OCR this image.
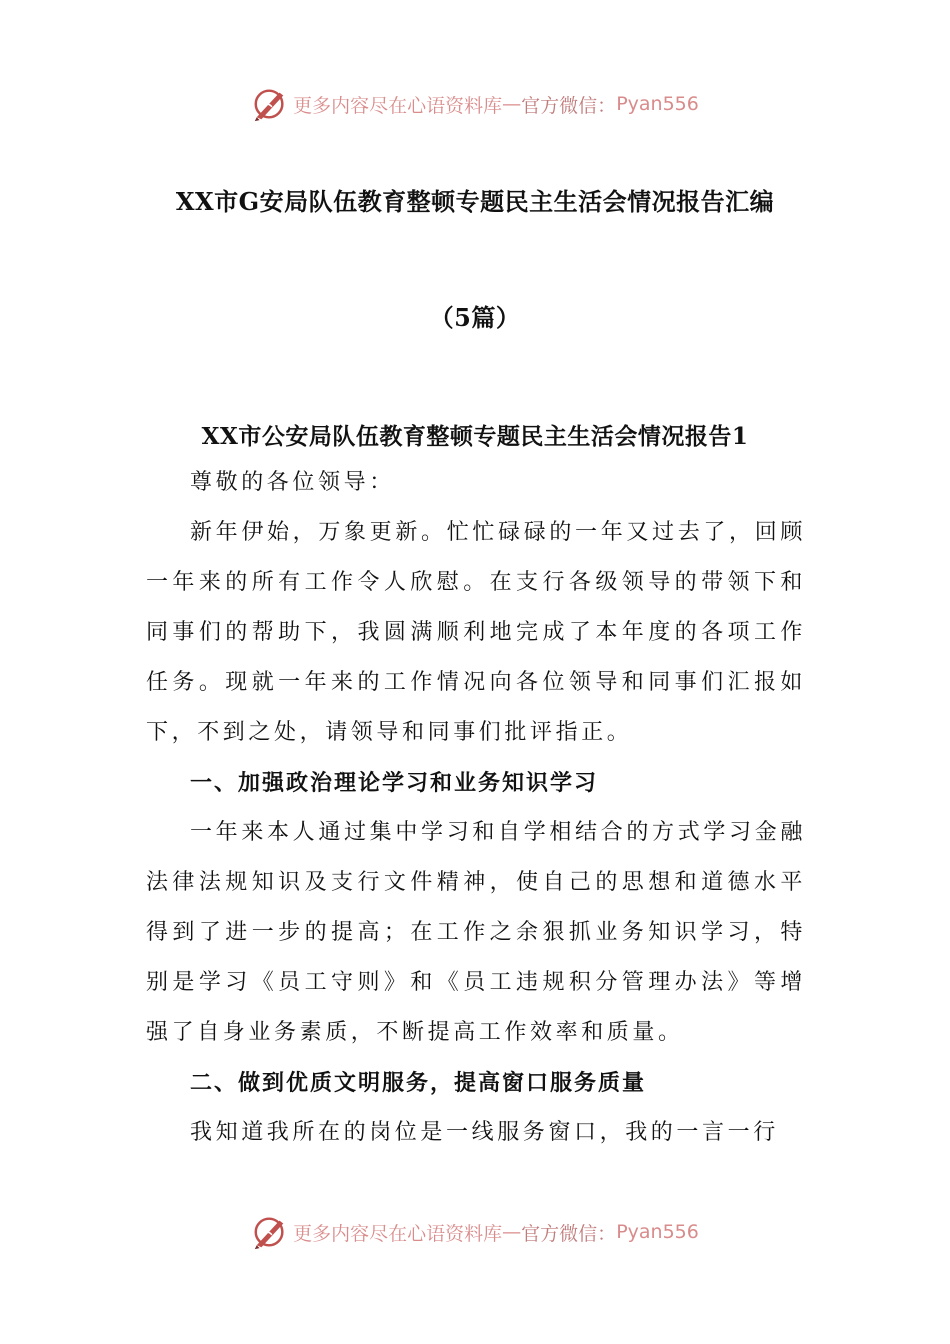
更多内容尽在心语资料库 — 官方微信： Pyan556
XX市G安局队伍教育整顿专题民主生活会情况报告汇编
（5篇）
XX市公安局队伍教育整顿专题民主生活会情况报告1

尊敬的各位领导：

新年伊始，万象更新。忙忙碌碌的一年又过去了，回顾一年来的所有工作令人欣慰。在支行各级领导的带领下和同事们的帮助下，我圆满顺利地完成了本年度的各项工作任务。现就一年来的工作情况向各位领导和同事们汇报如下，不到之处，请领导和同事们批评指正。

一、加强政治理论学习和业务知识学习

一年来本人通过集中学习和自学相结合的方式学习金融法律法规知识及支行文件精神，使自己的思想和道德水平得到了进一步的提高；在工作之余狠抓业务知识学习，特别是学习《员工守则》和《员工违规积分管理办法》等增强了自身业务素质，不断提高工作效率和质量。

二、做到优质文明服务，提高窗口服务质量

我知道我所在的岗位是一线服务窗口，我的一言一行

更多内容尽在心语资料库 — 官方微信： Pyan556
